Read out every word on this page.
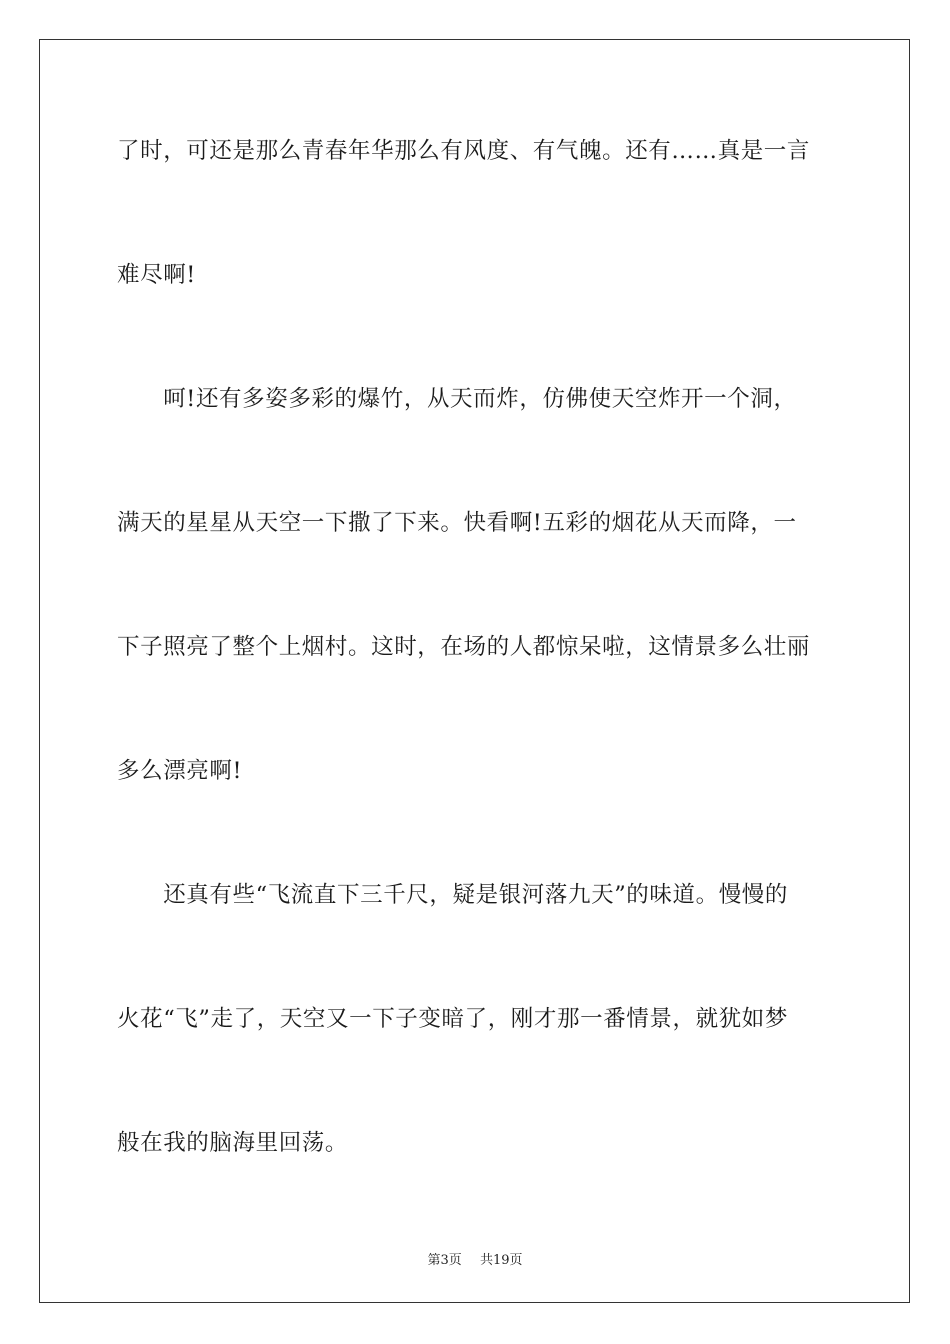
了时，可还是那么青春年华那么有风度、有气魄。还有……真是一言
难尽啊!
　　呵!还有多姿多彩的爆竹，从天而炸，仿佛使天空炸开一个洞，
满天的星星从天空一下撒了下来。快看啊!五彩的烟花从天而降，一
下子照亮了整个上烟村。这时，在场的人都惊呆啦，这情景多么壮丽
多么漂亮啊!
　　还真有些“飞流直下三千尺，疑是银河落九天”的味道。慢慢的
火花“飞”走了，天空又一下子变暗了，刚才那一番情景，就犹如梦
般在我的脑海里回荡。
第3页 共19页
